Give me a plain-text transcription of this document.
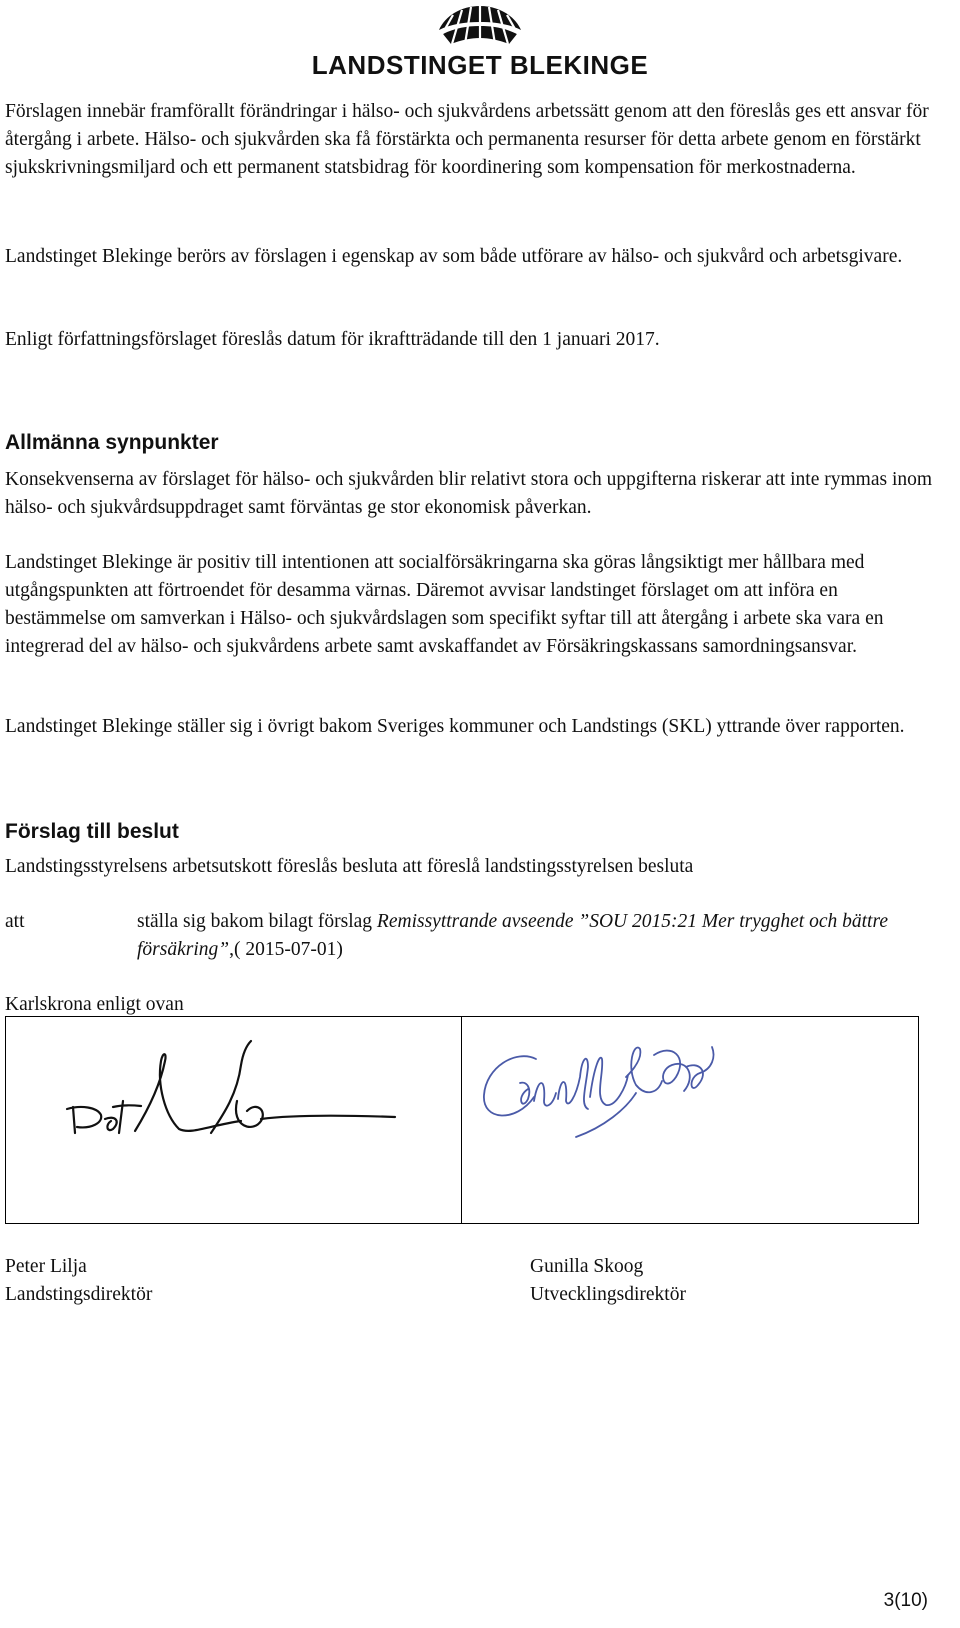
LANDSTINGET BLEKINGE

Förslagen innebär framförallt förändringar i hälso- och sjukvårdens arbetssätt genom att den föreslås ges ett ansvar för återgång i arbete. Hälso- och sjukvården ska få förstärkta och permanenta resurser för detta arbete genom en förstärkt sjukskrivningsmiljard och ett permanent statsbidrag för koordinering som kompensation för merkostnaderna.

Landstinget Blekinge berörs av förslagen i egenskap av som både utförare av hälso- och sjukvård och arbetsgivare.

Enligt författningsförslaget föreslås datum för ikraftträdande till den 1 januari 2017.

Allmänna synpunkter

Konsekvenserna av förslaget för hälso- och sjukvården blir relativt stora och uppgifterna riskerar att inte rymmas inom hälso- och sjukvårdsuppdraget samt förväntas ge stor ekonomisk påverkan.

Landstinget Blekinge är positiv till intentionen att socialförsäkringarna ska göras långsiktigt mer hållbara med utgångspunkten att förtroendet för desamma värnas. Däremot avvisar landstinget förslaget om att införa en bestämmelse om samverkan i Hälso- och sjukvårdslagen som specifikt syftar till att återgång i arbete ska vara en integrerad del av hälso- och sjukvårdens arbete samt avskaffandet av Försäkringskassans samordningsansvar.

Landstinget Blekinge ställer sig i övrigt bakom Sveriges kommuner och Landstings (SKL) yttrande över rapporten.

Förslag till beslut

Landstingsstyrelsens arbetsutskott föreslås besluta att föreslå landstingsstyrelsen besluta

att	ställa sig bakom bilagt förslag Remissyttrande avseende ”SOU 2015:21 Mer trygghet och bättre försäkring”,( 2015-07-01)

Karlskrona enligt ovan

Peter Lilja
Landstingsdirektör
Gunilla Skoog
Utvecklingsdirektör
3(10)
